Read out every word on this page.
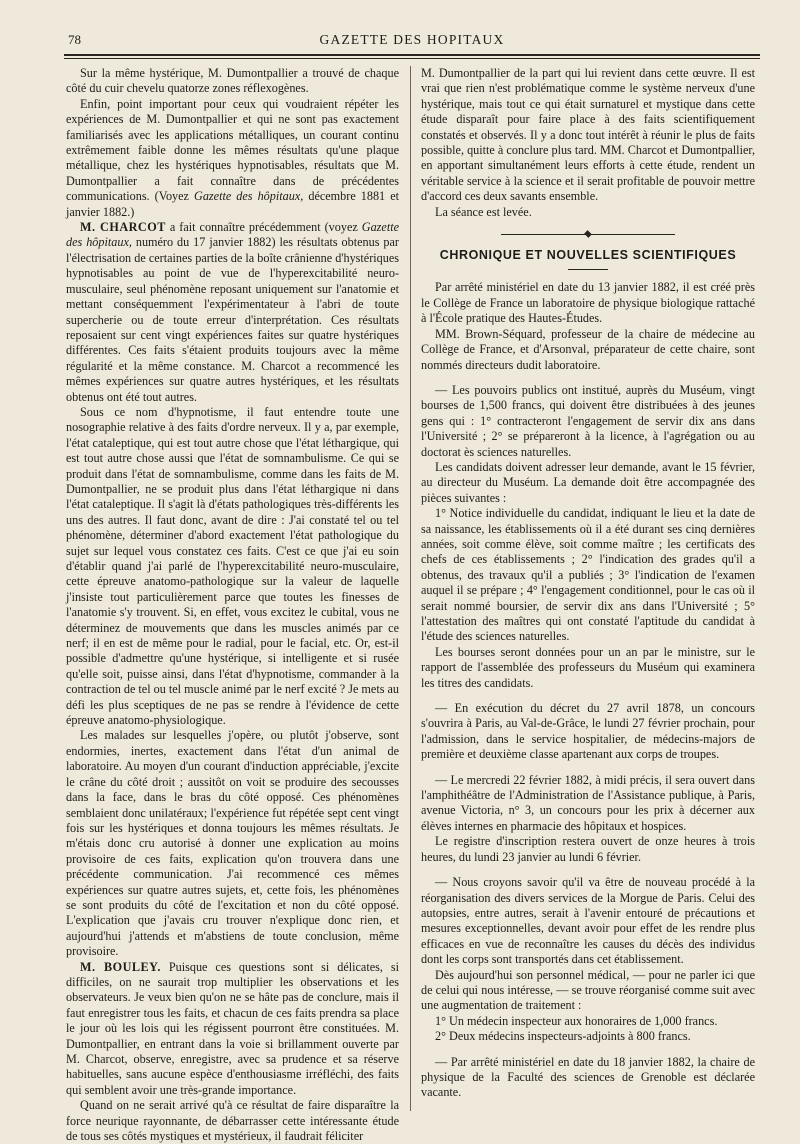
78	GAZETTE DES HOPITAUX

Sur la même hystérique, M. Dumontpallier a trouvé de chaque côté du cuir chevelu quatorze zones réflexogènes.

Enfin, point important pour ceux qui voudraient répéter les expériences de M. Dumontpallier et qui ne sont pas exactement familiarisés avec les applications métalliques, un courant continu extrêmement faible donne les mêmes résultats qu'une plaque métallique, chez les hystériques hypnotisables, résultats que M. Dumontpallier a fait connaître dans de précédentes communications. (Voyez Gazette des hôpitaux, décembre 1881 et janvier 1882.)

M. CHARCOT a fait connaître précédemment (voyez Gazette des hôpitaux, numéro du 17 janvier 1882) les résultats obtenus par l'électrisation de certaines parties de la boîte crânienne d'hystériques hypnotisables au point de vue de l'hyperexcitabilité neuro-musculaire, seul phénomène reposant uniquement sur l'anatomie et mettant conséquemment l'expérimentateur à l'abri de toute supercherie ou de toute erreur d'interprétation. Ces résultats reposaient sur cent vingt expériences faites sur quatre hystériques différentes. Ces faits s'étaient produits toujours avec la même régularité et la même constance. M. Charcot a recommencé les mêmes expériences sur quatre autres hystériques, et les résultats obtenus ont été tout autres.

Sous ce nom d'hypnotisme, il faut entendre toute une nosographie relative à des faits d'ordre nerveux. Il y a, par exemple, l'état cataleptique, qui est tout autre chose que l'état léthargique, qui est tout autre chose aussi que l'état de somnambulisme. Ce qui se produit dans l'état de somnambulisme, comme dans les faits de M. Dumontpallier, ne se produit plus dans l'état léthargique ni dans l'état cataleptique. Il s'agit là d'états pathologiques très-différents les uns des autres. Il faut donc, avant de dire : J'ai constaté tel ou tel phénomène, déterminer d'abord exactement l'état pathologique du sujet sur lequel vous constatez ces faits. C'est ce que j'ai eu soin d'établir quand j'ai parlé de l'hyperexcitabilité neuro-musculaire, cette épreuve anatomo-pathologique sur la valeur de laquelle j'insiste tout particulièrement parce que toutes les finesses de l'anatomie s'y trouvent. Si, en effet, vous excitez le cubital, vous ne déterminez de mouvements que dans les muscles animés par ce nerf; il en est de même pour le radial, pour le facial, etc. Or, est-il possible d'admettre qu'une hystérique, si intelligente et si rusée qu'elle soit, puisse ainsi, dans l'état d'hypnotisme, commander à la contraction de tel ou tel muscle animé par le nerf excité ? Je mets au défi les plus sceptiques de ne pas se rendre à l'évidence de cette épreuve anatomo-physiologique.

Les malades sur lesquelles j'opère, ou plutôt j'observe, sont endormies, inertes, exactement dans l'état d'un animal de laboratoire. Au moyen d'un courant d'induction appréciable, j'excite le crâne du côté droit ; aussitôt on voit se produire des secousses dans la face, dans le bras du côté opposé. Ces phénomènes semblaient donc unilatéraux; l'expérience fut répétée sept cent vingt fois sur les hystériques et donna toujours les mêmes résultats. Je m'étais donc cru autorisé à donner une explication au moins provisoire de ces faits, explication qu'on trouvera dans une précédente communication. J'ai recommencé ces mêmes expériences sur quatre autres sujets, et, cette fois, les phénomènes se sont produits du côté de l'excitation et non du côté opposé. L'explication que j'avais cru trouver n'explique donc rien, et aujourd'hui j'attends et m'abstiens de toute conclusion, même provisoire.

M. BOULEY. Puisque ces questions sont si délicates, si difficiles, on ne saurait trop multiplier les observations et les observateurs. Je veux bien qu'on ne se hâte pas de conclure, mais il faut enregistrer tous les faits, et chacun de ces faits prendra sa place le jour où les lois qui les régissent pourront être constituées. M. Dumontpallier, en entrant dans la voie si brillamment ouverte par M. Charcot, observe, enregistre, avec sa prudence et sa réserve habituelles, sans aucune espèce d'enthousiasme irréfléchi, des faits qui semblent avoir une très-grande importance.

Quand on ne serait arrivé qu'à ce résultat de faire disparaître la force neurique rayonnante, de débarrasser cette intéressante étude de tous ses côtés mystiques et mystérieux, il faudrait féliciter

M. Dumontpallier de la part qui lui revient dans cette œuvre. Il est vrai que rien n'est problématique comme le système nerveux d'une hystérique, mais tout ce qui était surnaturel et mystique dans cette étude disparaît pour faire place à des faits scientifiquement constatés et observés. Il y a donc tout intérêt à réunir le plus de faits possible, quitte à conclure plus tard. MM. Charcot et Dumontpallier, en apportant simultanément leurs efforts à cette étude, rendent un véritable service à la science et il serait profitable de pouvoir mettre d'accord ces deux savants ensemble.

La séance est levée.

CHRONIQUE ET NOUVELLES SCIENTIFIQUES

Par arrêté ministériel en date du 13 janvier 1882, il est créé près le Collège de France un laboratoire de physique biologique rattaché à l'École pratique des Hautes-Études.

MM. Brown-Séquard, professeur de la chaire de médecine au Collège de France, et d'Arsonval, préparateur de cette chaire, sont nommés directeurs dudit laboratoire.

— Les pouvoirs publics ont institué, auprès du Muséum, vingt bourses de 1,500 francs, qui doivent être distribuées à des jeunes gens qui : 1° contracteront l'engagement de servir dix ans dans l'Université ; 2° se prépareront à la licence, à l'agrégation ou au doctorat ès sciences naturelles.

Les candidats doivent adresser leur demande, avant le 15 février, au directeur du Muséum. La demande doit être accompagnée des pièces suivantes :

1° Notice individuelle du candidat, indiquant le lieu et la date de sa naissance, les établissements où il a été durant ses cinq dernières années, soit comme élève, soit comme maître ; les certificats des chefs de ces établissements ; 2° l'indication des grades qu'il a obtenus, des travaux qu'il a publiés ; 3° l'indication de l'examen auquel il se prépare ; 4° l'engagement conditionnel, pour le cas où il serait nommé boursier, de servir dix ans dans l'Université ; 5° l'attestation des maîtres qui ont constaté l'aptitude du candidat à l'étude des sciences naturelles.

Les bourses seront données pour un an par le ministre, sur le rapport de l'assemblée des professeurs du Muséum qui examinera les titres des candidats.

— En exécution du décret du 27 avril 1878, un concours s'ouvrira à Paris, au Val-de-Grâce, le lundi 27 février prochain, pour l'admission, dans le service hospitalier, de médecins-majors de première et deuxième classe apartenant aux corps de troupes.

— Le mercredi 22 février 1882, à midi précis, il sera ouvert dans l'amphithéâtre de l'Administration de l'Assistance publique, à Paris, avenue Victoria, n° 3, un concours pour les prix à décerner aux élèves internes en pharmacie des hôpitaux et hospices.

Le registre d'inscription restera ouvert de onze heures à trois heures, du lundi 23 janvier au lundi 6 février.

— Nous croyons savoir qu'il va être de nouveau procédé à la réorganisation des divers services de la Morgue de Paris. Celui des autopsies, entre autres, serait à l'avenir entouré de précautions et mesures exceptionnelles, devant avoir pour effet de les rendre plus efficaces en vue de reconnaître les causes du décès des individus dont les corps sont transportés dans cet établissement.

Dès aujourd'hui son personnel médical, — pour ne parler ici que de celui qui nous intéresse, — se trouve réorganisé comme suit avec une augmentation de traitement :

1° Un médecin inspecteur aux honoraires de 1,000 francs.

2° Deux médecins inspecteurs-adjoints à 800 francs.

— Par arrêté ministériel en date du 18 janvier 1882, la chaire de physique de la Faculté des sciences de Grenoble est déclarée vacante.
